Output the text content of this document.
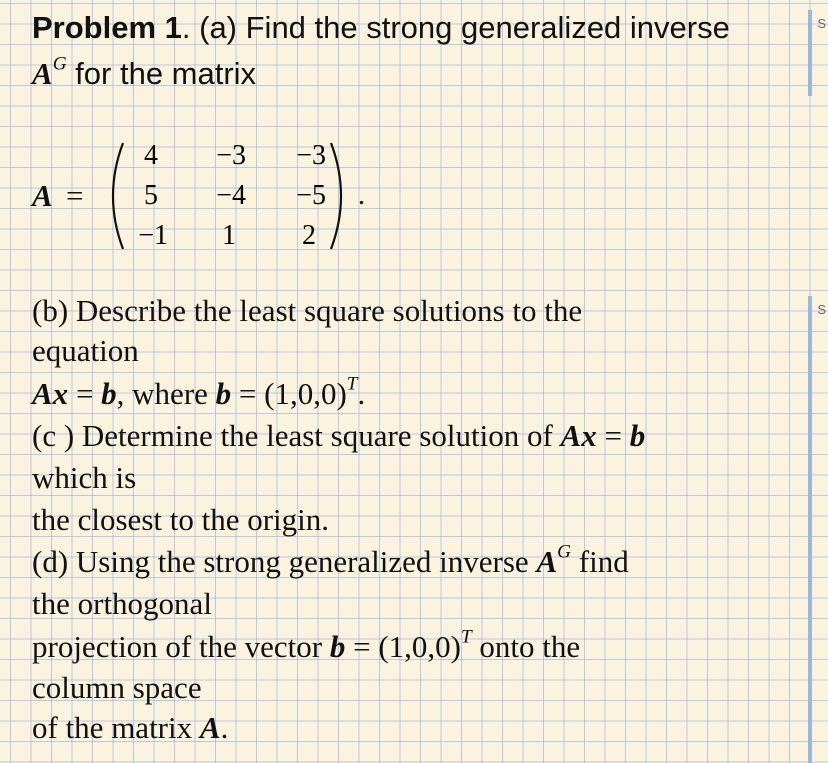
S
S
Problem 1. (a) Find the strong generalized inverse
$A^G$ for the matrix
A =
4	−3	−3
5	−4	−5
−1	1	2
.
(b) Describe the least square solutions to the
equation
Ax = b, where $b = (1,0,0)^T$.
(c ) Determine the least square solution of Ax = b
which is
the closest to the origin.
(d) Using the strong generalized inverse $A^G$ find
the orthogonal
projection of the vector $b = (1,0,0)^T$ onto the
column space
of the matrix A.
